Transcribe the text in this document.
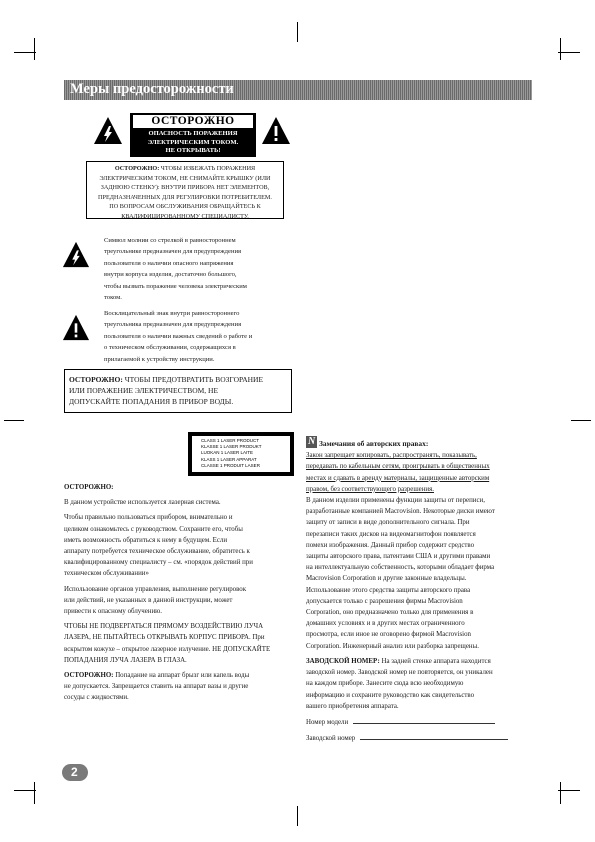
Меры предосторожности
ОСТОРОЖНО
ОПАСНОСТЬ ПОРАЖЕНИЯ
ЭЛЕКТРИЧЕСКИМ ТОКОМ.
НЕ ОТКРЫВАТЬ!
ОСТОРОЖНО: ЧТОБЫ ИЗБЕЖАТЬ ПОРАЖЕНИЯ
ЭЛЕКТРИЧЕСКИМ ТОКОМ, НЕ СНИМАЙТЕ КРЫШКУ (ИЛИ
ЗАДНЮЮ СТЕНКУ): ВНУТРИ ПРИБОРА НЕТ ЭЛЕМЕНТОВ,
ПРЕДНАЗНАЧЕННЫХ ДЛЯ РЕГУЛИРОВКИ ПОТРЕБИТЕЛЕМ.
ПО ВОПРОСАМ ОБСЛУЖИВАНИЯ ОБРАЩАЙТЕСЬ К
КВАЛИФИЦИРОВАННОМУ СПЕЦИАЛИСТУ.
Символ молнии со стрелкой в равностороннем
треугольнике предназначен для предупреждения
пользователя о наличии опасного напряжения
внутри корпуса изделия, достаточно большого,
чтобы вызвать поражение человека электрическим
током.
Восклицательный знак внутри равностороннего
треугольника предназначен для предупреждения
пользователя о наличии важных сведений о работе и
о техническом обслуживании, содержащихся в
прилагаемой к устройству инструкции.
ОСТОРОЖНО: ЧТОБЫ ПРЕДОТВРАТИТЬ ВОЗГОРАНИЕ
ИЛИ ПОРАЖЕНИЕ ЭЛЕКТРИЧЕСТВОМ, НЕ
ДОПУСКАЙТЕ ПОПАДАНИЯ В ПРИБОР ВОДЫ.
CLASS 1 LASER PRODUCT
KLASSE 1 LASER PRODUKT
LUOKAN 1 LASER LAITE
KLASS 1 LASER APPARAT
CLASSE 1 PRODUIT LASER
ОСТОРОЖНО:
В данном устройстве используется лазерная система.
Чтобы правильно пользоваться прибором, внимательно и
целиком ознакомьтесь с руководством. Сохраните его, чтобы
иметь возможность обратиться к нему в будущем. Если
аппарату потребуется техническое обслуживание, обратитесь к
квалифицированному специалисту – см. «порядок действий при
техническом обслуживании»
Использование органов управления, выполнение регулировок
или действий, не указанных в данной инструкции, может
привести к опасному облучению.
ЧТОБЫ НЕ ПОДВЕРГАТЬСЯ ПРЯМОМУ ВОЗДЕЙСТВИЮ ЛУЧА
ЛАЗЕРА, НЕ ПЫТАЙТЕСЬ ОТКРЫВАТЬ КОРПУС ПРИБОРА. При
вскрытом кожухе – открытое лазерное излучение. НЕ ДОПУСКАЙТЕ
ПОПАДАНИЯ ЛУЧА ЛАЗЕРА В ГЛАЗА.
ОСТОРОЖНО: Попадание на аппарат брызг или капель воды
не допускается. Запрещается ставить на аппарат вазы и другие
сосуды с жидкостями.
N Замечания об авторских правах:
Закон запрещает копировать, распространять, показывать,
передавать по кабельным сетям, проигрывать в общественных
местах и сдавать в аренду материалы, защищенные авторским
правом, без соответствующего разрешения.
В данном изделии применены функции защиты от переписи,
разработанные компанией Macrovision. Некоторые диски имеют
защиту от записи в виде дополнительного сигнала. При
перезаписи таких дисков на видеомагнитофон появляется
помехи изображения. Данный прибор содержит средство
защиты авторского права, патентами США и другими правами
на интеллектуальную собственность, которыми обладает фирма
Macrovision Corporation и другие законные владельцы.
Использование этого средства защиты авторского права
допускается только с разрешения фирмы Macrovision
Corporation, оно предназначено только для применения в
домашних условиях и в других местах ограниченного
просмотра, если иное не оговорено фирмой Macrovision
Corporation. Инженерный анализ или разборка запрещены.
ЗАВОДСКОЙ НОМЕР: На задней стенке аппарата находится
заводской номер. Заводской номер не повторяется, он уникален
на каждом приборе. Занесите сюда всю необходимую
информацию и сохраните руководство как свидетельство
вашего приобретения аппарата.
Номер модели
Заводской номер
2
